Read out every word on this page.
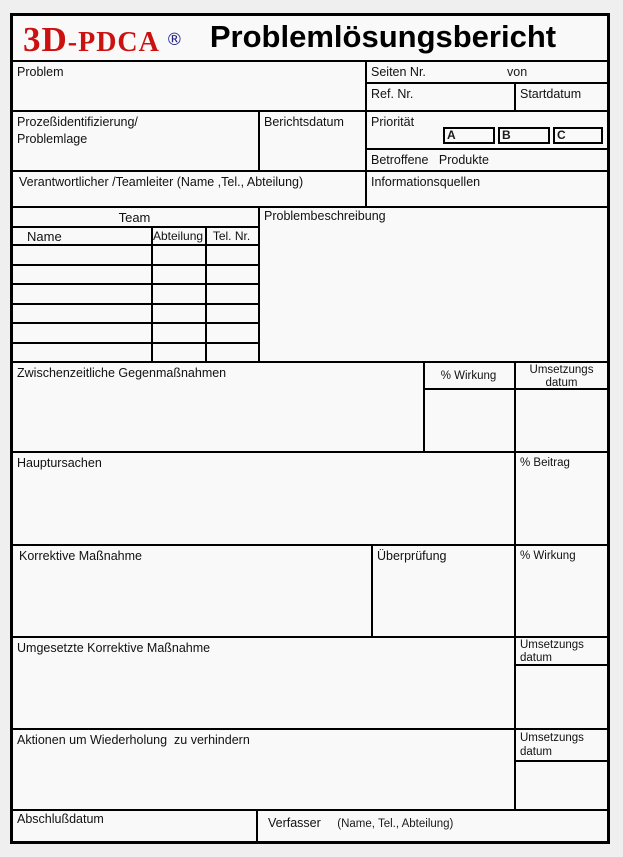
3D-PDCA ® Problemlösungsbericht
Problem	Seiten Nr.	von
Ref. Nr.	Startdatum
Prozeßidentifizierung/
Problemlage
Berichtsdatum	Priorität
A	B	C
Betroffene   Produkte
Verantwortlicher /Teamleiter (Name ,Tel., Abteilung)	Informationsquellen
Team
Name	Abteilung Tel. Nr.
Problembeschreibung
Zwischenzeitliche Gegenmaßnahmen	% Wirkung	Umsetzungs
datum
Hauptursachen	% Beitrag
Korrektive Maßnahme	Überprüfung	% Wirkung
Umgesetzte Korrektive Maßnahme	Umsetzungs
datum
Aktionen um Wiederholung  zu verhindern	Umsetzungs
datum
Abschlußdatum	Verfasser (Name, Tel., Abteilung)
